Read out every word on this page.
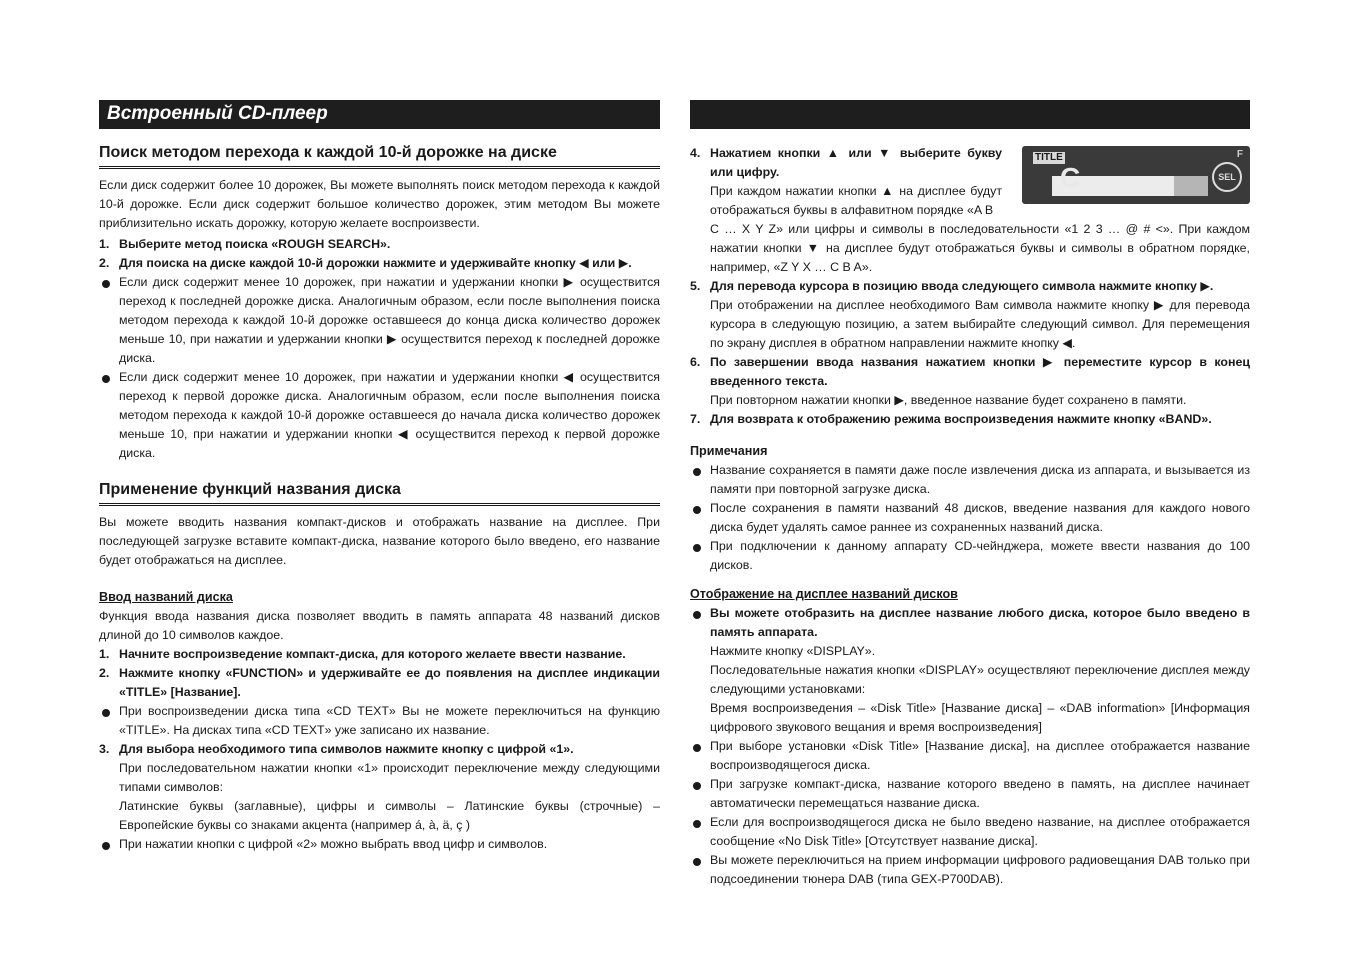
Встроенный CD-плеер
Поиск методом перехода к каждой 10-й дорожке на диске

Если диск содержит более 10 дорожек, Вы можете выполнять поиск методом перехода к каждой 10-й дорожке. Если диск содержит большое количество дорожек, этим методом Вы можете приблизительно искать дорожку, которую желаете воспроизвести.

1. Выберите метод поиска «ROUGH SEARCH».

2. Для поиска на диске каждой 10-й дорожки нажмите и удерживайте кнопку ◀ или ▶.

Если диск содержит менее 10 дорожек, при нажатии и удержании кнопки ▶ осуществится переход к последней дорожке диска. Аналогичным образом, если после выполнения поиска методом перехода к каждой 10-й дорожке оставшееся до конца диска количество дорожек меньше 10, при нажатии и удержании кнопки ▶ осуществится переход к последней дорожке диска.

Если диск содержит менее 10 дорожек, при нажатии и удержании кнопки ◀ осуществится переход к первой дорожке диска. Аналогичным образом, если после выполнения поиска методом перехода к каждой 10-й дорожке оставшееся до начала диска количество дорожек меньше 10, при нажатии и удержании кнопки ◀ осуществится переход к первой дорожке диска.

Применение функций названия диска

Вы можете вводить названия компакт-дисков и отображать название на дисплее. При последующей загрузке вставите компакт-диска, название которого было введено, его название будет отображаться на дисплее.

Ввод названий диска

Функция ввода названия диска позволяет вводить в память аппарата 48 названий дисков длиной до 10 символов каждое.

1. Начните воспроизведение компакт-диска, для которого желаете ввести название.

2. Нажмите кнопку «FUNCTION» и удерживайте ее до появления на дисплее индикации «TITLE» [Название].

При воспроизведении диска типа «CD TEXT» Вы не можете переключиться на функцию «TITLE». На дисках типа «CD TEXT» уже записано их название.

3. Для выбора необходимого типа символов нажмите кнопку с цифрой «1».

При последовательном нажатии кнопки «1» происходит переключение между следующими типами символов:

Латинские буквы (заглавные), цифры и символы – Латинские буквы (строчные) – Европейские буквы со знаками акцента (например á, à, ä, ç )

При нажатии кнопки с цифрой «2» можно выбрать ввод цифр и символов.

TITLE	F
C	SEL

4. Нажатием кнопки ▲ или ▼ выберите букву или цифру.

При каждом нажатии кнопки ▲ на дисплее будут отображаться буквы в алфавитном порядке «A B

C … X Y Z» или цифры и символы в последовательности «1 2 3 … @ # <». При каждом нажатии кнопки ▼ на дисплее будут отображаться буквы и символы в обратном порядке, например, «Z Y X … C B A».

5. Для перевода курсора в позицию ввода следующего символа нажмите кнопку ▶.

При отображении на дисплее необходимого Вам символа нажмите кнопку ▶ для перевода курсора в следующую позицию, а затем выбирайте следующий символ. Для перемещения по экрану дисплея в обратном направлении нажмите кнопку ◀.

6. По завершении ввода названия нажатием кнопки ▶ переместите курсор в конец введенного текста.

При повторном нажатии кнопки ▶, введенное название будет сохранено в памяти.

7. Для возврата к отображению режима воспроизведения нажмите кнопку «BAND».

Примечания

Название сохраняется в памяти даже после извлечения диска из аппарата, и вызывается из памяти при повторной загрузке диска.

После сохранения в памяти названий 48 дисков, введение названия для каждого нового диска будет удалять самое раннее из сохраненных названий диска.

При подключении к данному аппарату CD-чейнджера, можете ввести названия до 100 дисков.

Отображение на дисплее названий дисков

Вы можете отобразить на дисплее название любого диска, которое было введено в память аппарата.

Нажмите кнопку «DISPLAY».

Последовательные нажатия кнопки «DISPLAY» осуществляют переключение дисплея между следующими установками:

Время воспроизведения – «Disk Title» [Название диска] – «DAB information» [Информация цифрового звукового вещания и время воспроизведения]

При выборе установки «Disk Title» [Название диска], на дисплее отображается название воспроизводящегося диска.

При загрузке компакт-диска, название которого введено в память, на дисплее начинает автоматически перемещаться название диска.

Если для воспроизводящегося диска не было введено название, на дисплее отображается сообщение «No Disk Title» [Отсутствует название диска].

Вы можете переключиться на прием информации цифрового радиовещания DAB только при подсоединении тюнера DAB (типа GEX-P700DAB).
